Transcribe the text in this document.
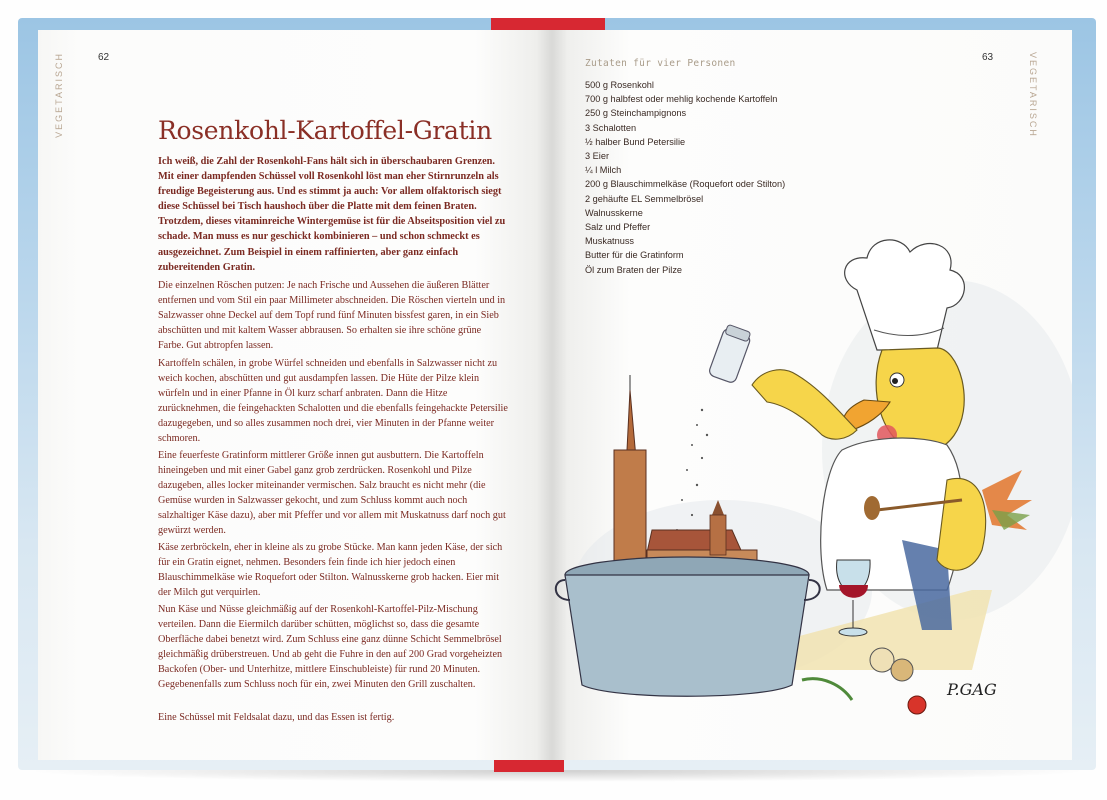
62
VEGETARISCH	Rosenkohl-Kartoffel-Gratin

Ich weiß, die Zahl der Rosenkohl-Fans hält sich in überschaubaren Grenzen. Mit einer dampfenden Schüssel voll Rosenkohl löst man eher Stirnrunzeln als freudige Begeisterung aus. Und es stimmt ja auch: Vor allem olfaktorisch siegt diese Schüssel bei Tisch haushoch über die Platte mit dem feinen Braten. Trotzdem, dieses vitaminreiche Wintergemüse ist für die Abseitsposition viel zu schade. Man muss es nur geschickt kombinieren – und schon schmeckt es ausgezeichnet. Zum Beispiel in einem raffinierten, aber ganz einfach zubereitenden Gratin.

Die einzelnen Röschen putzen: Je nach Frische und Aussehen die äußeren Blätter entfernen und vom Stil ein paar Millimeter abschneiden. Die Röschen vierteln und in Salzwasser ohne Deckel auf dem Topf rund fünf Minuten bissfest garen, in ein Sieb abschütten und mit kaltem Wasser abbrausen. So erhalten sie ihre schöne grüne Farbe. Gut abtropfen lassen.

Kartoffeln schälen, in grobe Würfel schneiden und ebenfalls in Salzwasser nicht zu weich kochen, abschütten und gut ausdampfen lassen. Die Hüte der Pilze klein würfeln und in einer Pfanne in Öl kurz scharf anbraten. Dann die Hitze zurücknehmen, die feingehackten Schalotten und die ebenfalls feingehackte Petersilie dazugegeben, und so alles zusammen noch drei, vier Minuten in der Pfanne weiter schmoren.

Eine feuerfeste Gratinform mittlerer Größe innen gut ausbuttern. Die Kartoffeln hineingeben und mit einer Gabel ganz grob zerdrücken. Rosenkohl und Pilze dazugeben, alles locker miteinander vermischen. Salz braucht es nicht mehr (die Gemüse wurden in Salzwasser gekocht, und zum Schluss kommt auch noch salzhaltiger Käse dazu), aber mit Pfeffer und vor allem mit Muskatnuss darf noch gut gewürzt werden.

Käse zerbröckeln, eher in kleine als zu grobe Stücke. Man kann jeden Käse, der sich für ein Gratin eignet, nehmen. Besonders fein finde ich hier jedoch einen Blauschimmelkäse wie Roquefort oder Stilton. Walnusskerne grob hacken. Eier mit der Milch gut verquirlen.

Nun Käse und Nüsse gleichmäßig auf der Rosenkohl-Kartoffel-Pilz-Mischung verteilen. Dann die Eiermilch darüber schütten, möglichst so, dass die gesamte Oberfläche dabei benetzt wird. Zum Schluss eine ganz dünne Schicht Semmelbrösel gleichmäßig drüberstreuen. Und ab geht die Fuhre in den auf 200 Grad vorgeheizten Backofen (Ober- und Unterhitze, mittlere Einschubleiste) für rund 20 Minuten. Gegebenenfalls zum Schluss noch für ein, zwei Minuten den Grill zuschalten.

Eine Schüssel mit Feldsalat dazu, und das Essen ist fertig.

63	VEGETARISCH
Zutaten für vier Personen
500 g Rosenkohl
700 g halbfest oder mehlig kochende Kartoffeln
250 g Steinchampignons
3 Schalotten
½ halber Bund Petersilie
3 Eier
¼ l Milch
200 g Blauschimmelkäse (Roquefort oder Stilton)
2 gehäufte EL Semmelbrösel
Walnusskerne
Salz und Pfeffer
Muskatnuss
Butter für die Gratinform
Öl zum Braten der Pilze
P.GAG
